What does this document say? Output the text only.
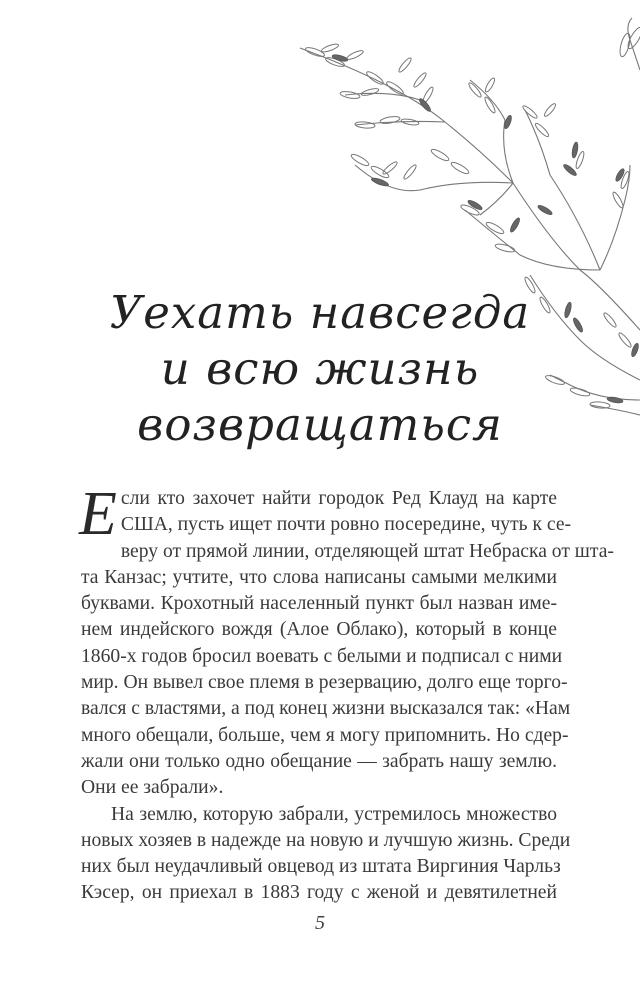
Уехать навсегда
и всю жизнь
возвращаться

Е сли кто захочет найти городок Ред Клауд на карте
США, пусть ищет почти ровно посередине, чуть к се-
веру от прямой линии, отделяющей штат Небраска от шта-
та Канзас; учтите, что слова написаны самыми мелкими
буквами. Крохотный населенный пункт был назван име-
нем индейского вождя (Алое Облако), который в конце
1860-х годов бросил воевать с белыми и подписал с ними
мир. Он вывел свое племя в резервацию, долго еще торго-
вался с властями, а под конец жизни высказался так: «Нам
много обещали, больше, чем я могу припомнить. Но сдер-
жали они только одно обещание — забрать нашу землю.
Они ее забрали».

На землю, которую забрали, устремилось множество
новых хозяев в надежде на новую и лучшую жизнь. Среди
них был неудачливый овцевод из штата Виргиния Чарльз
Кэсер, он приехал в 1883 году с женой и девятилетней

5
